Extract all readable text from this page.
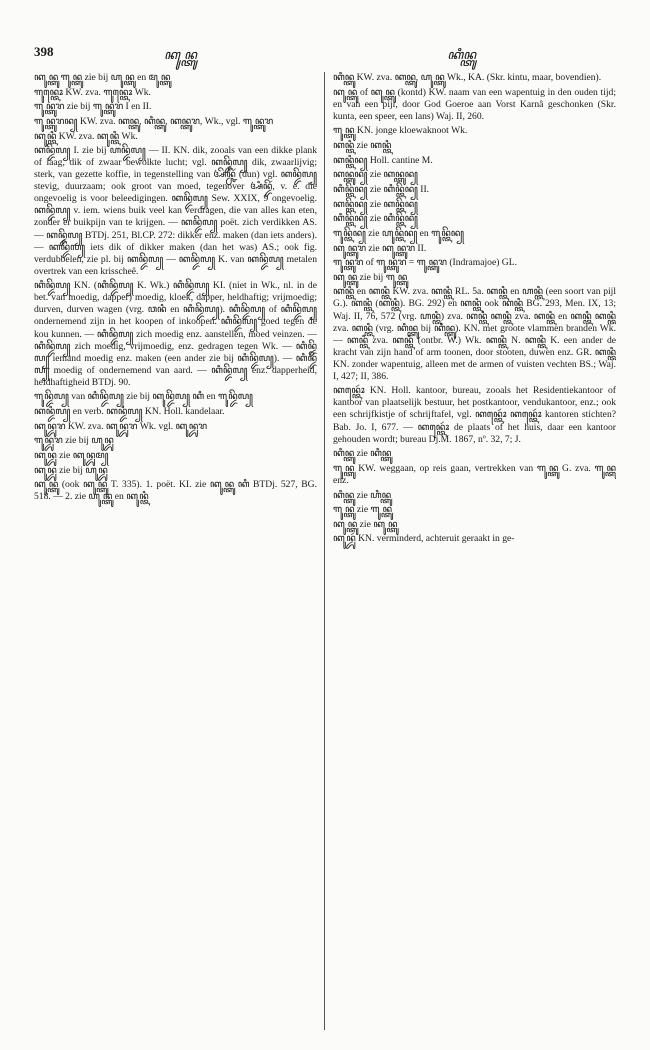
398	ꦏꦸꦤ꧀ꦠꦸ	ꦏꦶꦤ꧀ꦠꦸ

ꦏꦸꦤ꧀ꦠꦸ ꦒꦸꦤ꧀ꦠꦸ zie bij ꦲꦸꦤ꧀ꦠꦸ en ꦩꦸꦤ꧀ꦠꦸ

ꦒꦸꦤ꧀ꦠꦺꦴ KW. zva. ꦒꦸꦤ꧀ꦠꦺꦴ Wk.

ꦒꦸꦤ꧀ꦠꦸꦫ zie bij ꦒꦸꦤ꧀ꦠꦸꦫ I en II.

ꦒꦸꦤ꧀ꦠꦸꦫꦤ꧀ KW. zva. ꦏꦤ꧀ꦠꦸ, ꦏꦶꦤ꧀ꦠꦸ, ꦏꦤ꧀ꦠꦸꦫ, Wk., vgl. ꦒꦸꦤ꧀ꦠꦸꦫ

ꦏꦸꦤ꧀ꦠꦶ KW. zva. ꦏꦸꦤ꧀ꦠꦶ Wk.

ꦏꦤ꧀ꦢꦼꦭ꧀ I. zie bij ꦲꦤ꧀ꦢꦼꦭ꧀ — II. KN. dik, zooals van een dikke plank of laag, dik of zwaar bewolkte lucht; vgl. ꦏꦤ꧀ꦢꦼꦭ꧀ dik, zwaarlijvig; sterk, van gezette koffie, in tegenstelling van ꦄꦼꦤ꧀ꦕꦼꦂ (dun) vgl. ꦏꦤ꧀ꦢꦼꦭ꧀ stevig, duurzaam; ook groot van moed, tegenover ꦄꦶꦤ꧀ꦢꦼꦂ, v. e. die ongevoelig is voor beleedigingen. ꦏꦤ꧀ꦢꦼꦭ꧀ Sew. XXIX, 9 ongevoelig. ꦏꦤ꧀ꦢꦼꦭ꧀ v. iem. wiens buik veel kan verdragen, die van alles kan eten, zonder er buikpijn van te krijgen. — ꦏꦤ꧀ꦢꦼꦭ꧀ poët. zich verdikken AS. — ꦏꦤ꧀ꦢꦼꦭ꧀ BTDj. 251, Bl.CP. 272: dikker enz. maken (dan iets anders). — ꦏꦤ꧀ꦢꦼꦭ꧀ iets dik of dikker maken (dan het was) AS.; ook fig. verdubbelen, zie pl. bij ꦏꦤ꧀ꦢꦼꦭ꧀ — ꦏꦤ꧀ꦢꦼꦭ꧀ K. van ꦏꦤ꧀ꦢꦼꦭ꧀ metalen overtrek van een krisscheê.

ꦏꦶꦤ꧀ꦢꦼꦭ꧀ KN. (ꦏꦶꦤ꧀ꦢꦼꦭ꧀ K. Wk.) ꦏꦶꦤ꧀ꦢꦼꦭ꧀ KI. (niet in Wk., nl. in de bet. van moedig, dapper) moedig, kloek, dapper, heldhaftig; vrijmoedig; durven, durven wagen (vrg. ꦮꦤꦶ en ꦏꦶꦤ꧀ꦢꦼꦭ꧀). ꦏꦶꦤ꧀ꦢꦼꦭ꧀ of ꦏꦶꦤ꧀ꦢꦼꦭ꧀ ondernemend zijn in het koopen of inkoopen. ꦏꦶꦤ꧀ꦢꦼꦭ꧀ goed tegen de kou kunnen. — ꦏꦶꦤ꧀ꦢꦼꦭ꧀ zich moedig enz. aanstellen, moed veinzen. — ꦏꦶꦤ꧀ꦢꦼꦭ꧀ zich moedig, vrijmoedig, enz. gedragen tegen Wk. — ꦏꦶꦤ꧀ꦢꦼꦭ꧀ iemand moedig enz. maken (een ander zie bij ꦏꦶꦤ꧀ꦢꦼꦭ꧀). — ꦏꦶꦤ꧀ꦢꦼꦭ꧀ moedig of ondernemend van aard. — ꦏꦶꦤ꧀ꦢꦼꦭ꧀ enz. dapperheid, heldhaftigheid BTDj. 90.

ꦒꦸꦤ꧀ꦢꦼꦭ꧀ van ꦏꦶꦤ꧀ꦢꦼꦭ꧀ zie bij ꦏꦸꦤ꧀ꦢꦼꦭ꧀ ꦏꦶ en ꦒꦸꦤ꧀ꦢꦼꦭ꧀

ꦏꦤ꧀ꦢꦶꦭ꧀ en verb. ꦏꦤ꧀ꦢꦶꦭ꧀ KN. Holl. kandelaar.

ꦏꦸꦤ꧀ꦢꦸꦫ KW. zva. ꦏꦸꦤ꧀ꦢꦸꦫ Wk. vgl. ꦏꦸꦤ꧀ꦢꦸꦫ

ꦒꦸꦤ꧀ꦢꦸꦫ zie bij ꦲꦸꦤ꧀ꦢꦸ

ꦏꦸꦤ꧀ꦢꦸ zie ꦏꦸꦤ꧀ꦢꦸꦩ꧀

ꦏꦸꦤ꧀ꦢꦸ zie bij ꦲꦸꦤ꧀ꦢꦸ

ꦏꦸꦤ꧀ꦠꦸ (ook ꦏꦸꦤ꧀ꦠꦸ T. 335). 1. poët. KI. zie ꦏꦸꦤ꧀ꦠꦸ ꦏꦶ BTDj. 527, BG. 518. — 2. zie ꦲꦸꦤ꧀ꦠꦸ en ꦏꦸꦤ꧀ꦠꦶ

ꦏꦶꦤ꧀ꦠꦸ KW. zva. ꦏꦤ꧀ꦠꦸ, ꦲꦸꦤ꧀ꦠꦸ Wk., KA. (Skr. kintu, maar, bovendien).

ꦏꦸꦤ꧀ꦠꦸ of ꦏꦸꦤ꧀ꦠꦸ (kontd) KW. naam van een wapentuig in den ouden tijd; en van een pijl, door God Goeroe aan Vorst Karnâ geschonken (Skr. kunta, een speer, een lans) Waj. II, 260.

ꦒꦸꦤ꧀ꦠꦸ KN. jonge kloewaknoot Wk.

ꦏꦤ꧀ꦠꦶ zie ꦏꦤ꧀ꦠꦶ

ꦏꦤ꧀ꦠꦶꦤ꧀ Holl. cantine M.

ꦏꦤ꧀ꦠꦸꦤ꧀ zie ꦏꦤ꧀ꦠꦸꦤ꧀

ꦏꦶꦤ꧀ꦠꦼꦤ꧀ zie ꦏꦶꦤ꧀ꦠꦼꦤ꧀ II.

ꦏꦤ꧀ꦠꦼꦤ꧀ zie ꦏꦤ꧀ꦠꦼꦤ꧀

ꦏꦶꦤ꧀ꦠꦼꦤ꧀ zie ꦏꦶꦤ꧀ꦠꦼꦤ꧀

ꦒꦸꦤ꧀ꦠꦼꦤ꧀ zie ꦲꦸꦤ꧀ꦠꦼꦤ꧀ en ꦒꦸꦤ꧀ꦠꦼꦤ꧀

ꦏꦸꦤ꧀ꦠꦸꦫ zie ꦏꦸꦤ꧀ꦠꦸꦫ II.

ꦒꦸꦤ꧀ꦠꦸꦫ of ꦒꦸꦤ꧀ꦠꦸꦫ = ꦒꦸꦤ꧀ꦠꦸꦫ (Indramajoe) GL.

ꦏꦸꦤ꧀ꦠꦸ zie bij ꦒꦸꦤ꧀ꦠꦸ

ꦏꦤ꧀ꦠꦶ en ꦏꦤ꧀ꦠꦶ KW. zva. ꦏꦤ꧀ꦠꦶ RL. 5a. ꦏꦤ꧀ꦠꦶ en ꦲꦤ꧀ꦠꦶ (een soort van pijl G.). ꦏꦤ꧀ꦠꦶ (ꦏꦤ꧀ꦠꦶ). BG. 292) en ꦏꦤ꧀ꦠꦶ ook ꦏꦤ꧀ꦠꦶ BG. 293, Men. IX, 13; Waj. II, 76, 572 (vrg. ꦲꦤ꧀ꦠꦶ) zva. ꦏꦤ꧀ꦠꦶ ꦏꦤ꧀ꦠꦶ zva. ꦏꦤ꧀ꦠꦶ en ꦏꦤ꧀ꦠꦶ ꦏꦤ꧀ꦠꦶ zva. ꦏꦤ꧀ꦠꦶ (vrg. ꦏꦶꦤ꧀ꦠꦸ bij ꦏꦶꦤ꧀ꦠꦸ). KN. met groote vlammen branden Wk. — ꦏꦤ꧀ꦠꦶ zva. ꦏꦤ꧀ꦠꦶ (ontbr. W.) Wk. ꦏꦤ꧀ꦠꦶ N. ꦏꦤ꧀ꦠꦶ K. een ander de kracht van zijn hand of arm toonen, door stooten, duwen enz. GR. ꦏꦤ꧀ꦠꦶ KN. zonder wapentuig, alleen met de armen of vuisten vechten BS.; Waj. I, 427; II, 386.

ꦏꦤ꧀ꦠꦺꦴꦂ KN. Holl. kantoor, bureau, zooals het Residentiekantoor of kantoor van plaatselijk bestuur, het postkantoor, vendukantoor, enz.; ook een schrijfkistje of schrijftafel, vgl. ꦏꦤ꧀ꦠꦺꦴꦂ ꦏꦤ꧀ꦠꦺꦴꦂ kantoren stichten? Bab. Jo. I, 677. — ꦏꦤ꧀ꦠꦺꦴꦂ de plaats of het huis, daar een kantoor gehouden wordt; bureau Dj.M. 1867, nº. 32, 7; J.

ꦏꦶꦤ꧀ꦠꦸ zie ꦏꦶꦤ꧀ꦠꦸ

ꦒꦸꦤ꧀ꦠꦸ KW. weggaan, op reis gaan, vertrekken van ꦒꦸꦤ꧀ꦠꦸ G. zva. ꦒꦸꦤ꧀ꦠꦸ enz.

ꦏꦶꦤ꧀ꦠꦸ zie ꦲꦶꦤ꧀ꦠꦸ

ꦒꦸꦤ꧀ꦠꦸ zie ꦒꦸꦤ꧀ꦠꦸ

ꦏꦸꦤ꧀ꦠꦸ zie ꦏꦸꦤ꧀ꦠꦸ

ꦏꦸꦤ꧀ꦢꦸꦂ KN. verminderd, achteruit geraakt in ge-
